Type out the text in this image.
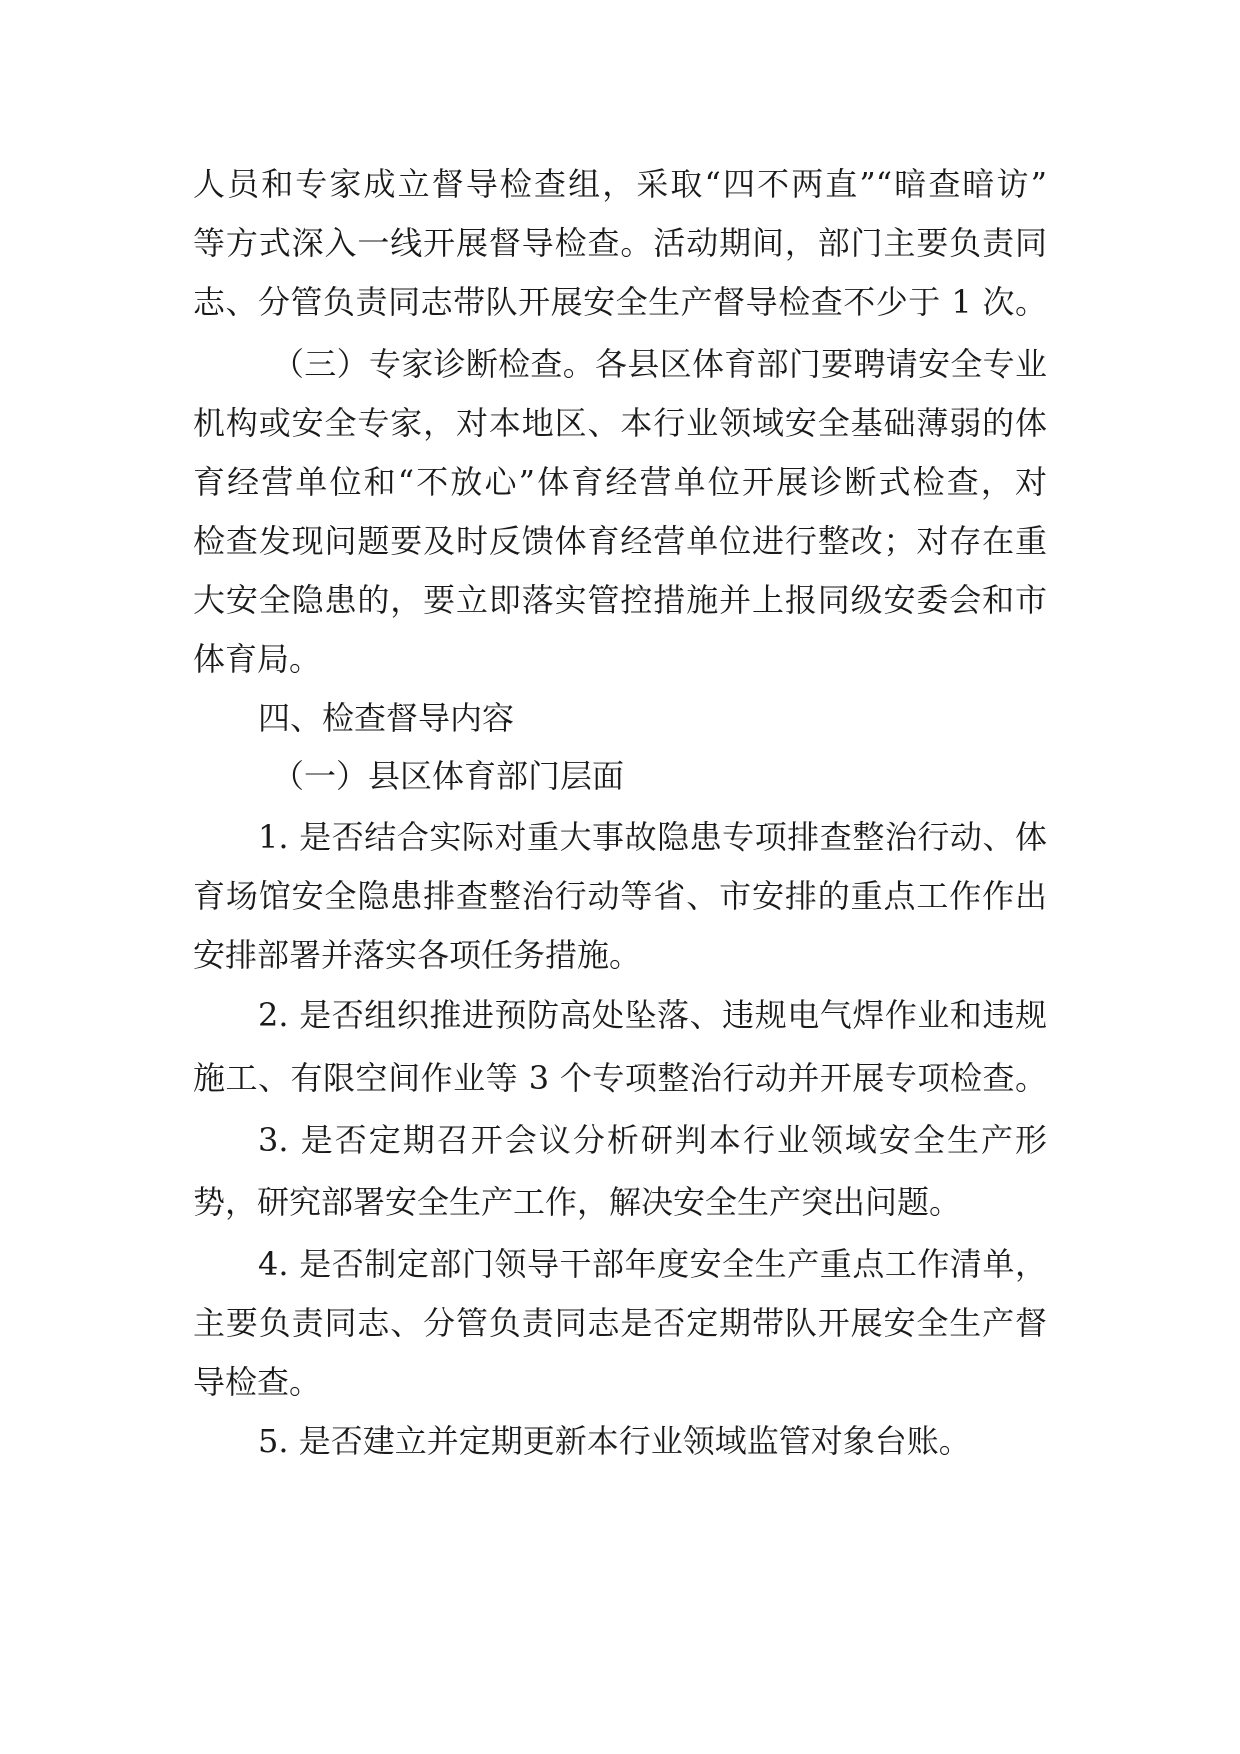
人员和专家成立督导检查组，采取“四不两直”“暗查暗访”

等方式深入一线开展督导检查。活动期间，部门主要负责同

志、分管负责同志带队开展安全生产督导检查不少于 1 次。

（三）专家诊断检查。各县区体育部门要聘请安全专业

机构或安全专家，对本地区、本行业领域安全基础薄弱的体

育经营单位和“不放心”体育经营单位开展诊断式检查，对

检查发现问题要及时反馈体育经营单位进行整改；对存在重

大安全隐患的，要立即落实管控措施并上报同级安委会和市

体育局。

四、检查督导内容

（一）县区体育部门层面

1. 是否结合实际对重大事故隐患专项排查整治行动、体

育场馆安全隐患排查整治行动等省、市安排的重点工作作出

安排部署并落实各项任务措施。

2. 是否组织推进预防高处坠落、违规电气焊作业和违规

施工、有限空间作业等 3 个专项整治行动并开展专项检查。

3. 是否定期召开会议分析研判本行业领域安全生产形

势，研究部署安全生产工作，解决安全生产突出问题。

4. 是否制定部门领导干部年度安全生产重点工作清单，

主要负责同志、分管负责同志是否定期带队开展安全生产督

导检查。

5. 是否建立并定期更新本行业领域监管对象台账。
